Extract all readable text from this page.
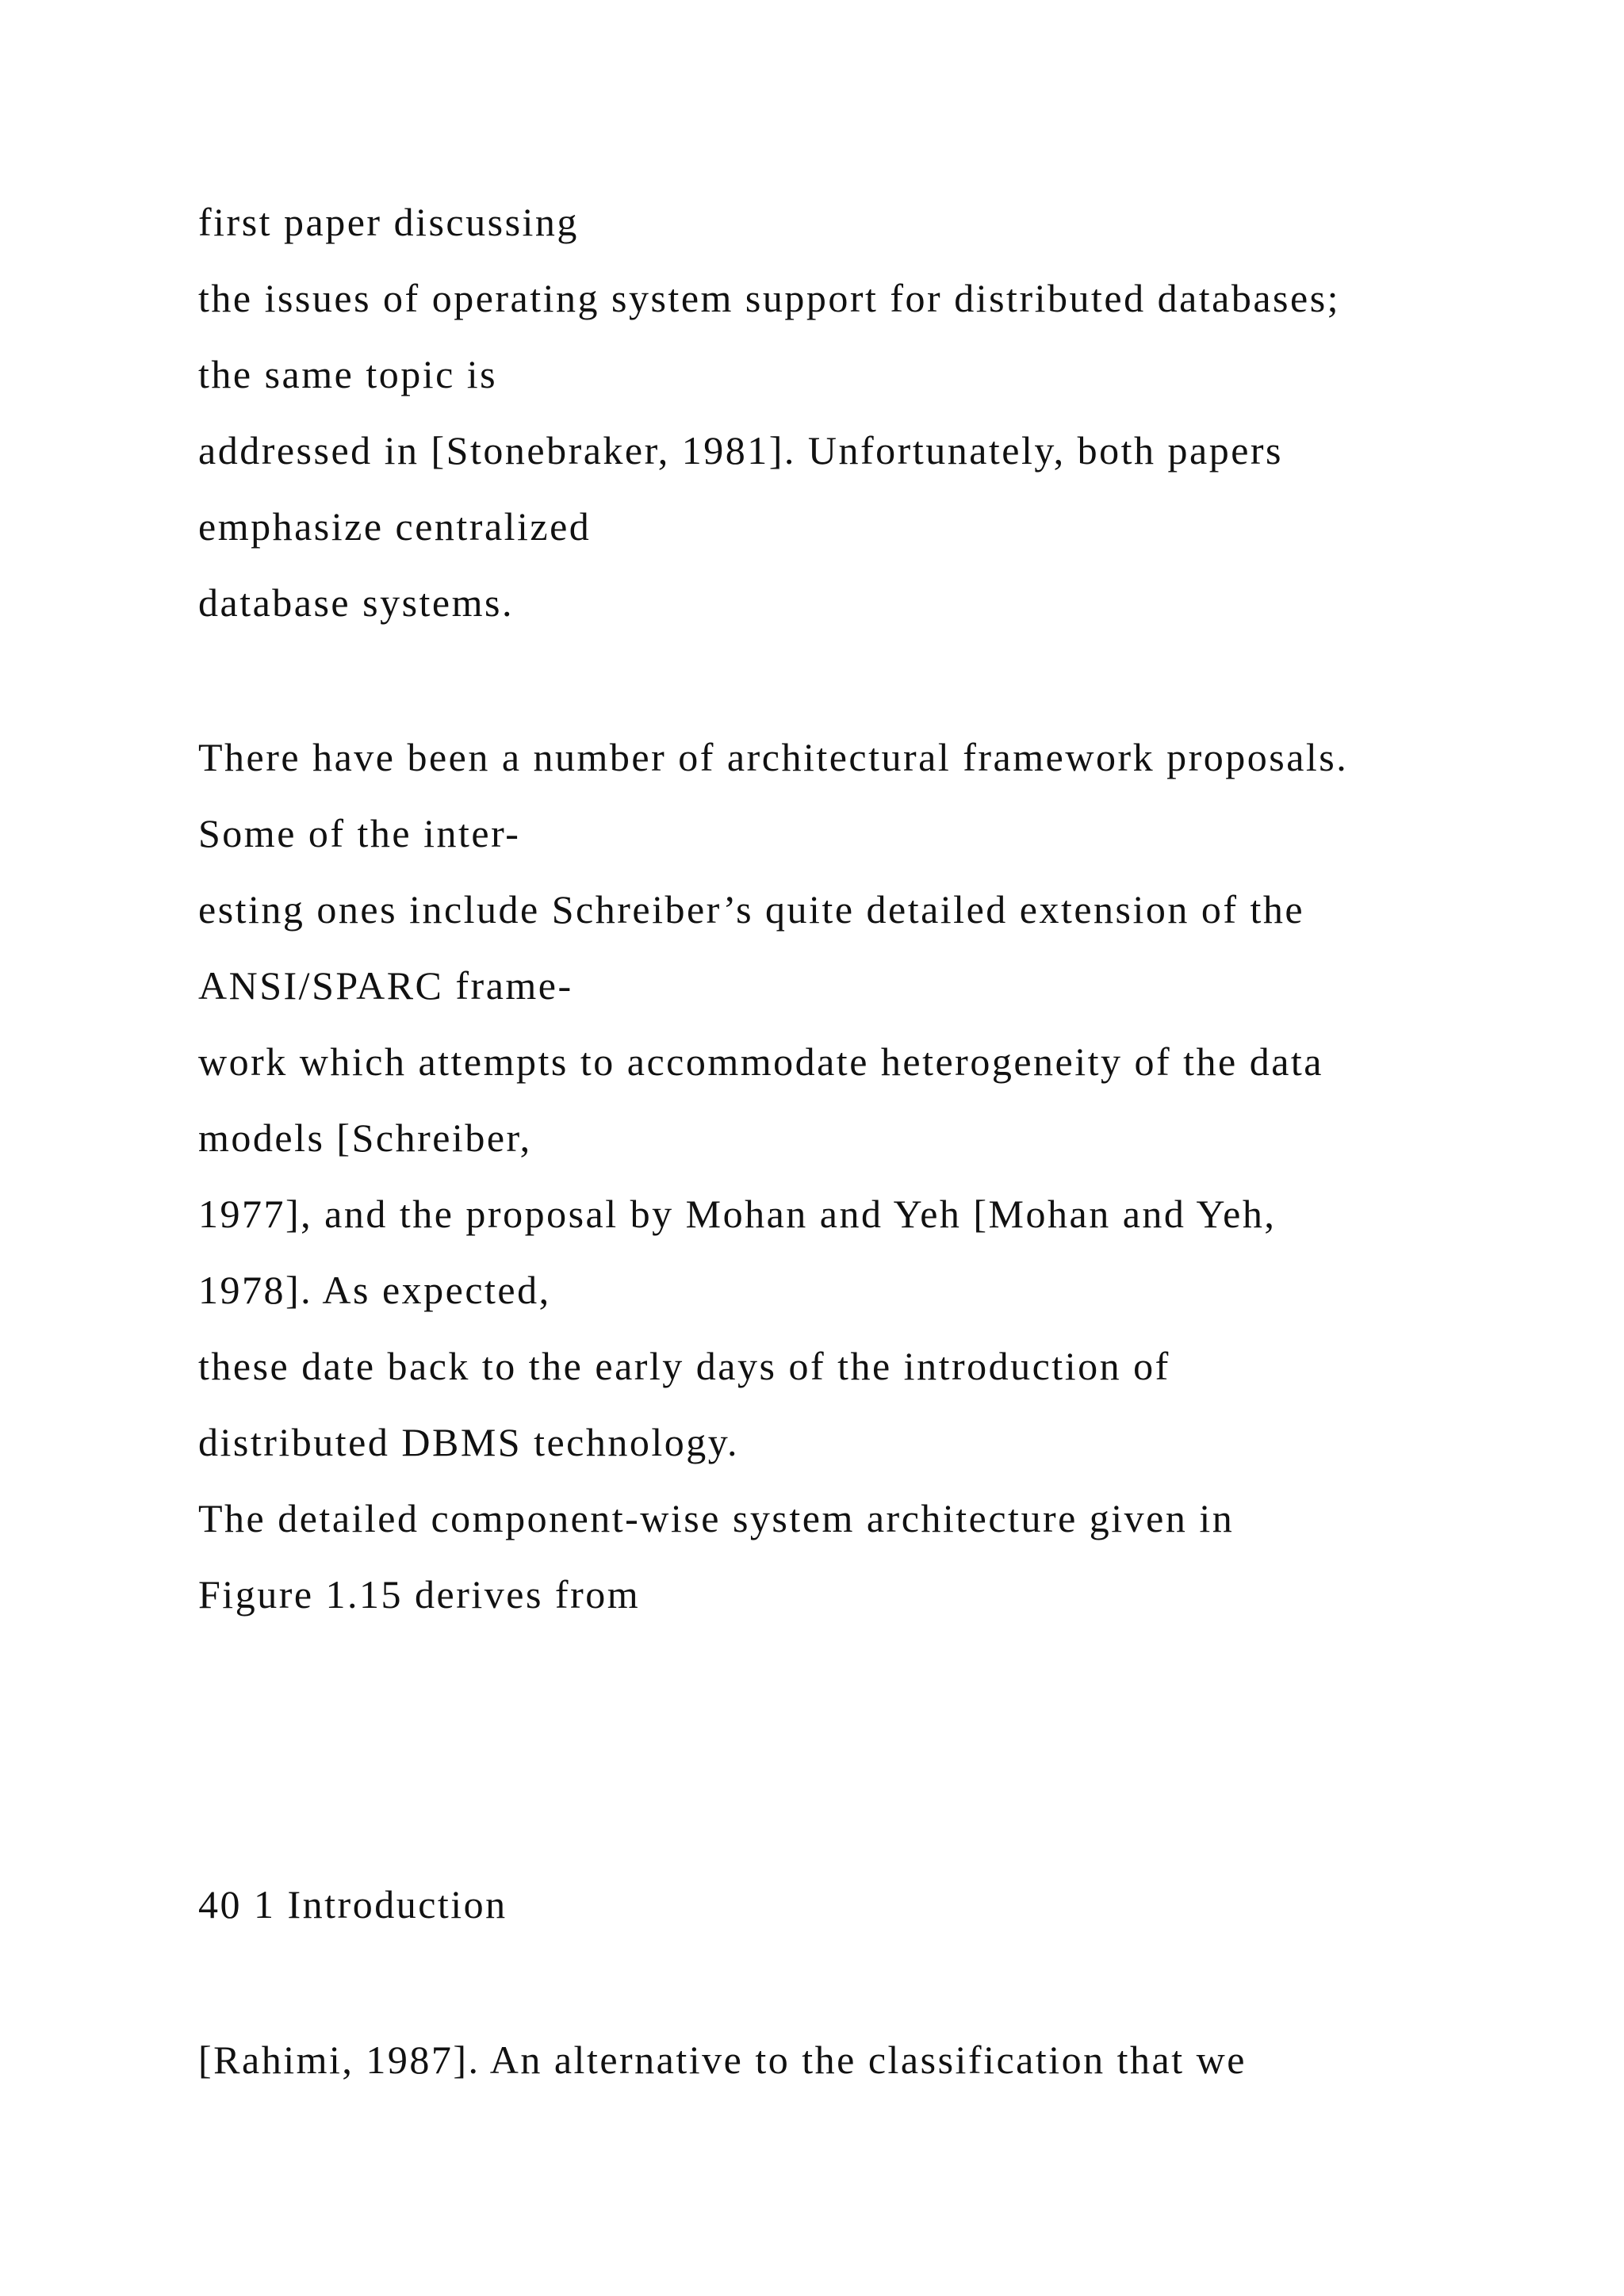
first paper discussing

the issues of operating system support for distributed databases;

the same topic is

addressed in [Stonebraker, 1981]. Unfortunately, both papers

emphasize centralized

database systems.

There have been a number of architectural framework proposals.

Some of the inter-

esting ones include Schreiber’s quite detailed extension of the

ANSI/SPARC frame-

work which attempts to accommodate heterogeneity of the data

models [Schreiber,

1977], and the proposal by Mohan and Yeh [Mohan and Yeh,

1978]. As expected,

these date back to the early days of the introduction of

distributed DBMS technology.

The detailed component-wise system architecture given in

Figure 1.15 derives from

40 1 Introduction

[Rahimi, 1987]. An alternative to the classification that we
